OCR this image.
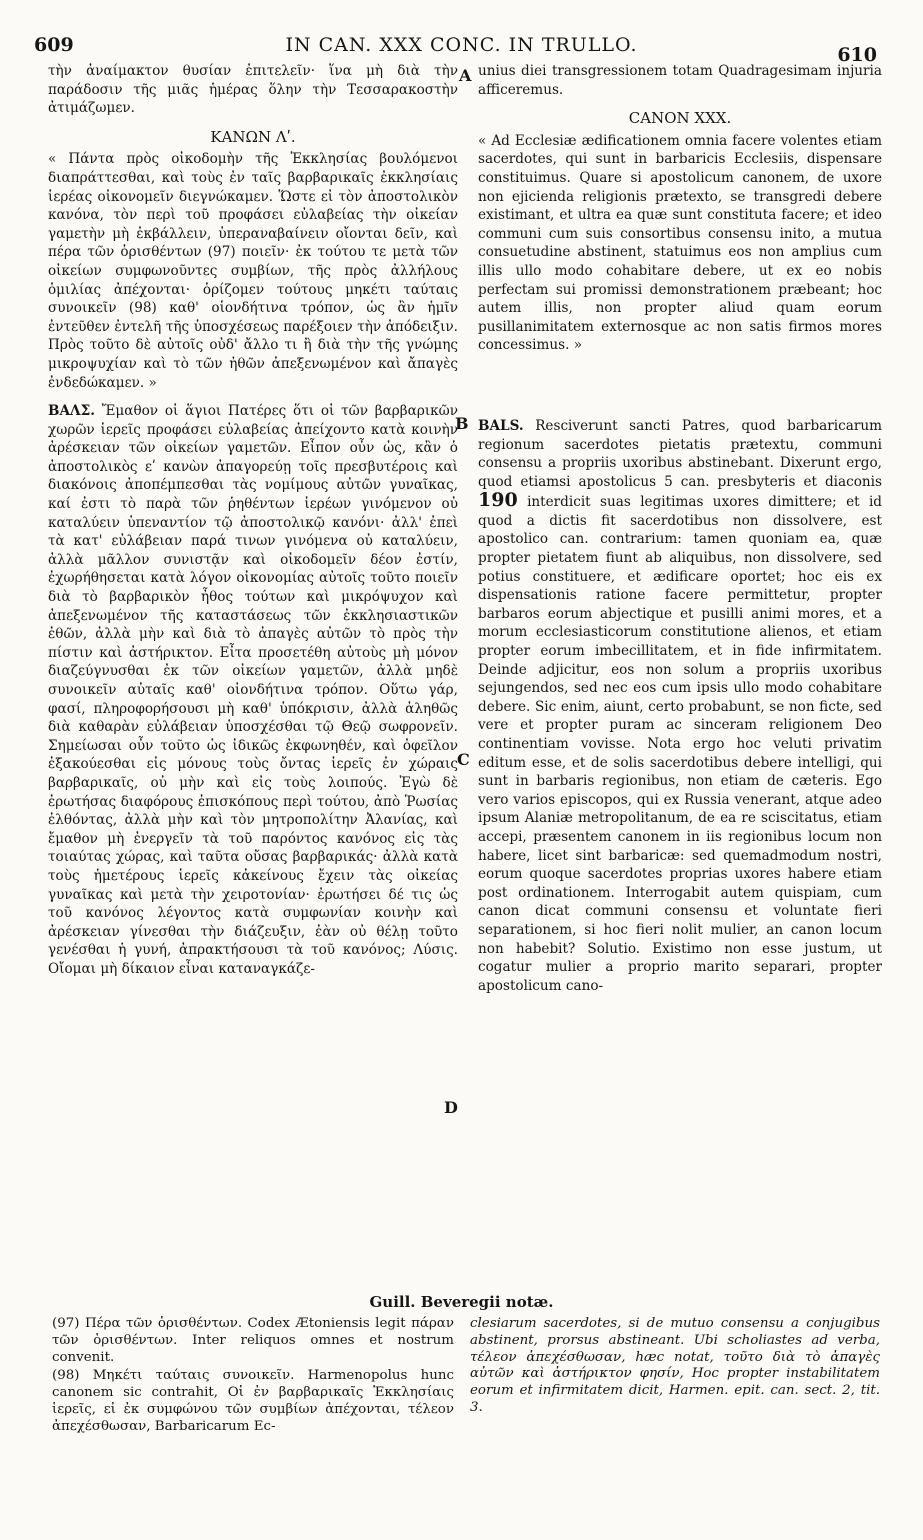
609	IN CAN. XXX CONC. IN TRULLO.	610

τὴν ἀναίμακτον θυσίαν ἐπιτελεῖν· ἵνα μὴ διὰ τὴν παράδοσιν τῆς μιᾶς ἡμέρας ὅλην τὴν Τεσσαρακοστὴν ἀτιμάζωμεν.

ΚΑΝΩΝ Λʹ.

« Πάντα πρὸς οἰκοδομὴν τῆς Ἐκκλησίας βουλόμενοι διαπράττεσθαι, καὶ τοὺς ἐν ταῖς βαρβαρικαῖς ἐκκλησίαις ἱερέας οἰκονομεῖν διεγνώκαμεν. Ὥστε εἰ τὸν ἀποστολικὸν κανόνα, τὸν περὶ τοῦ προφάσει εὐλαβείας τὴν οἰκείαν γαμετὴν μὴ ἐκβάλλειν, ὑπεραναβαίνειν οἴονται δεῖν, καὶ πέρα τῶν ὁρισθέντων (97) ποιεῖν· ἐκ τούτου τε μετὰ τῶν οἰκείων συμφωνοῦντες συμβίων, τῆς πρὸς ἀλλήλους ὁμιλίας ἀπέχονται· ὁρίζομεν τούτους μηκέτι ταύταις συνοικεῖν (98) καθ' οἱονδήτινα τρόπον, ὡς ἂν ἡμῖν ἐντεῦθεν ἐντελῆ τῆς ὑποσχέσεως παρέξοιεν τὴν ἀπόδειξιν. Πρὸς τοῦτο δὲ αὐτοῖς οὐδ' ἄλλο τι ἢ διὰ τὴν τῆς γνώμης μικροψυχίαν καὶ τὸ τῶν ἠθῶν ἀπεξενωμένον καὶ ἄπαγὲς ἐνδεδώκαμεν. »

ΒΑΛΣ. Ἔμαθον οἱ ἅγιοι Πατέρες ὅτι οἱ τῶν βαρβαρικῶν χωρῶν ἱερεῖς προφάσει εὐλαβείας ἀπείχοντο κατὰ κοινὴν ἀρέσκειαν τῶν οἰκείων γαμετῶν. Εἶπον οὖν ὡς, κἂν ὁ ἀποστολικὸς εʹ κανὼν ἀπαγορεύῃ τοῖς πρεσβυτέροις καὶ διακόνοις ἀποπέμπεσθαι τὰς νομίμους αὐτῶν γυναῖκας, καί ἐστι τὸ παρὰ τῶν ῥηθέντων ἱερέων γινόμενον οὐ καταλύειν ὑπεναντίον τῷ ἀποστολικῷ κανόνι· ἀλλ' ἐπεὶ τὰ κατ' εὐλάβειαν παρά τινων γινόμενα οὐ καταλύειν, ἀλλὰ μᾶλλον συνιστᾷν καὶ οἰκοδομεῖν δέον ἐστίν, ἐχωρήθησεται κατὰ λόγον οἰκονομίας αὐτοῖς τοῦτο ποιεῖν διὰ τὸ βαρβαρικὸν ἦθος τούτων καὶ μικρόψυχον καὶ ἀπεξενωμένον τῆς καταστάσεως τῶν ἐκκλησιαστικῶν ἐθῶν, ἀλλὰ μὴν καὶ διὰ τὸ ἀπαγὲς αὐτῶν τὸ πρὸς τὴν πίστιν καὶ ἀστήρικτον. Εἶτα προσετέθη αὐτοὺς μὴ μόνον διαζεύγνυσθαι ἐκ τῶν οἰκείων γαμετῶν, ἀλλὰ μηδὲ συνοικεῖν αὐταῖς καθ' οἱονδήτινα τρόπον. Οὕτω γάρ, φασί, πληροφορήσουσι μὴ καθ' ὑπόκρισιν, ἀλλὰ ἀληθῶς διὰ καθαρὰν εὐλάβειαν ὑποσχέσθαι τῷ Θεῷ σωφρονεῖν. Σημείωσαι οὖν τοῦτο ὡς ἰδικῶς ἐκφωνηθέν, καὶ ὀφεῖλον ἐξακούεσθαι εἰς μόνους τοὺς ὄντας ἱερεῖς ἐν χώραις βαρβαρικαῖς, οὐ μὴν καὶ εἰς τοὺς λοιπούς. Ἐγὼ δὲ ἐρωτήσας διαφόρους ἐπισκόπους περὶ τούτου, ἀπὸ Ῥωσίας ἐλθόντας, ἀλλὰ μὴν καὶ τὸν μητροπολίτην Ἀλανίας, καὶ ἔμαθον μὴ ἐνεργεῖν τὰ τοῦ παρόντος κανόνος εἰς τὰς τοιαύτας χώρας, καὶ ταῦτα οὔσας βαρβαρικάς· ἀλλὰ κατὰ τοὺς ἡμετέρους ἱερεῖς κἀκείνους ἔχειν τὰς οἰκείας γυναῖκας καὶ μετὰ τὴν χειροτονίαν· ἐρωτήσει δέ τις ὡς τοῦ κανόνος λέγοντος κατὰ συμφωνίαν κοινὴν καὶ ἀρέσκειαν γίνεσθαι τὴν διάζευξιν, ἐὰν οὐ θέλῃ τοῦτο γενέσθαι ἡ γυνή, ἀπρακτήσουσι τὰ τοῦ κανόνος; Λύσις. Οἴομαι μὴ δίκαιον εἶναι καταναγκάζε-

A
B
C
D

unius diei transgressionem totam Quadragesimam injuria afficeremus.

CANON XXX.

« Ad Ecclesiæ ædificationem omnia facere volentes etiam sacerdotes, qui sunt in barbaricis Ecclesiis, dispensare constituimus. Quare si apostolicum canonem, de uxore non ejicienda religionis prætexto, se transgredi debere existimant, et ultra ea quæ sunt constituta facere; et ideo communi cum suis consortibus consensu inito, a mutua consuetudine abstinent, statuimus eos non amplius cum illis ullo modo cohabitare debere, ut ex eo nobis perfectam sui promissi demonstrationem præbeant; hoc autem illis, non propter aliud quam eorum pusillanimitatem externosque ac non satis firmos mores concessimus. »

BALS. Resciverunt sancti Patres, quod barbaricarum regionum sacerdotes pietatis prætextu, communi consensu a propriis uxoribus abstinebant. Dixerunt ergo, quod etiamsi apostolicus 5 can. presbyteris et diaconis 190 interdicit suas legitimas uxores dimittere; et id quod a dictis fit sacerdotibus non dissolvere, est apostolico can. contrarium: tamen quoniam ea, quæ propter pietatem fiunt ab aliquibus, non dissolvere, sed potius constituere, et ædificare oportet; hoc eis ex dispensationis ratione facere permittetur, propter barbaros eorum abjectique et pusilli animi mores, et a morum ecclesiasticorum constitutione alienos, et etiam propter eorum imbecillitatem, et in fide infirmitatem. Deinde adjicitur, eos non solum a propriis uxoribus sejungendos, sed nec eos cum ipsis ullo modo cohabitare debere. Sic enim, aiunt, certo probabunt, se non ficte, sed vere et propter puram ac sinceram religionem Deo continentiam vovisse. Nota ergo hoc veluti privatim editum esse, et de solis sacerdotibus debere intelligi, qui sunt in barbaris regionibus, non etiam de cæteris. Ego vero varios episcopos, qui ex Russia venerant, atque adeo ipsum Alaniæ metropolitanum, de ea re sciscitatus, etiam accepi, præsentem canonem in iis regionibus locum non habere, licet sint barbaricæ: sed quemadmodum nostri, eorum quoque sacerdotes proprias uxores habere etiam post ordinationem. Interrogabit autem quispiam, cum canon dicat communi consensu et voluntate fieri separationem, si hoc fieri nolit mulier, an canon locum non habebit? Solutio. Existimo non esse justum, ut cogatur mulier a proprio marito separari, propter apostolicum cano-

Guill. Beveregii notæ.

(97) Πέρα τῶν ὁρισθέντων. Codex Ætoniensis legit πάραν τῶν ὁρισθέντων. Inter reliquos omnes et nostrum convenit.

(98) Μηκέτι ταύταις συνοικεῖν. Harmenopolus hunc canonem sic contrahit, Οἱ ἐν βαρβαρικαῖς Ἐκκλησίαις ἱερεῖς, εἰ ἐκ συμφώνου τῶν συμβίων ἀπέχονται, τέλεον ἀπεχέσθωσαν, Barbaricarum Ec-

clesiarum sacerdotes, si de mutuo consensu a conjugibus abstinent, prorsus abstineant. Ubi scholiastes ad verba, τέλεον ἀπεχέσθωσαν, hæc notat, τοῦτο διὰ τὸ ἀπαγὲς αὐτῶν καὶ ἀστήρικτον φησίν, Hoc propter instabilitatem eorum et infirmitatem dicit, Harmen. epit. can. sect. 2, tit. 3.
